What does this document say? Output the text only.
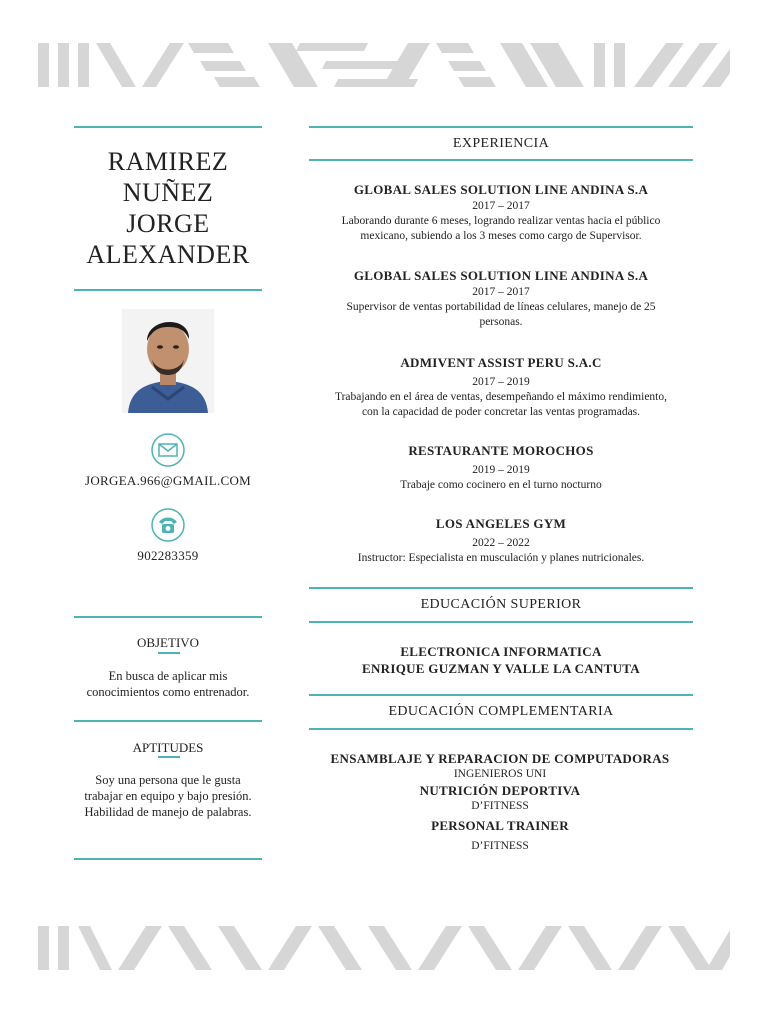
RAMIREZ
NUÑEZ
JORGE
ALEXANDER
JORGEA.966@GMAIL.COM
902283359
OBJETIVO
En busca de aplicar mis conocimientos como entrenador.
APTITUDES
Soy una persona que le gusta trabajar en equipo y bajo presión. Habilidad de manejo de palabras.
EXPERIENCIA
GLOBAL SALES SOLUTION LINE ANDINA S.A
2017 – 2017
Laborando durante 6 meses, logrando realizar ventas hacia el público
mexicano, subiendo a los 3 meses como cargo de Supervisor.
GLOBAL SALES SOLUTION LINE ANDINA S.A
2017 – 2017
Supervisor de ventas portabilidad de líneas celulares, manejo de 25
personas.
ADMIVENT ASSIST PERU S.A.C
2017 – 2019
Trabajando en el área de ventas, desempeñando el máximo rendimiento,
con la capacidad de poder concretar las ventas programadas.
RESTAURANTE MOROCHOS
2019 – 2019
Trabaje como cocinero en el turno nocturno
LOS ANGELES GYM
2022 – 2022
Instructor: Especialista en musculación y planes nutricionales.
EDUCACIÓN SUPERIOR
ELECTRONICA INFORMATICA
ENRIQUE GUZMAN Y VALLE LA CANTUTA
EDUCACIÓN COMPLEMENTARIA
ENSAMBLAJE Y REPARACION DE COMPUTADORAS
INGENIEROS UNI
NUTRICIÓN DEPORTIVA
D’FITNESS
PERSONAL TRAINER
D’FITNESS
